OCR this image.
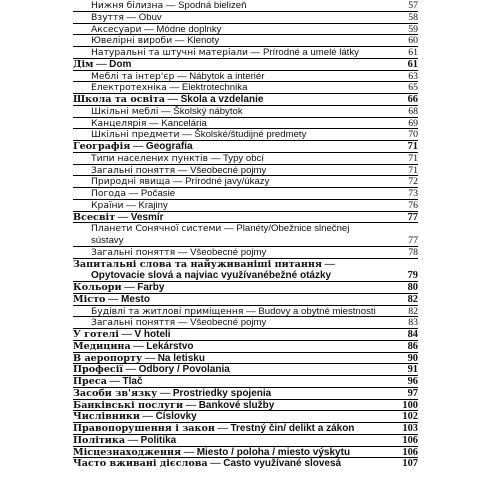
Нижня білизна — Spodná bielizeň	57
Взуття — Obuv	58
Аксесуари — Módne doplnky	59
Ювелірні вироби — Klenoty	60
Натуральні та штучні матеріали — Prírodné a umelé látky	61
Дім — Dom	61
Меблі та інтер'єр — Nábytok a interiér	63
Електротехніка — Elektrotechnika	65
Школа та освіта — Škola a vzdelanie	66
Шкільні меблі — Školský nábytok	68
Канцелярія — Kancelária	69
Шкільні предмети — Školské/študijné predmety	70
Географія — Geografia	71
Типи населених пунктів — Typy obcí	71
Загальні поняття — Všeobecné pojmy	71
Природні явища — Prírodné javy/úkazy	72
Погода — Počasie	73
Країни — Krajiny	76
Всесвіт — Vesmír	77
Планети Сонячної системи — Planéty/Obežnice slnečnej
sústavy	77
Загальні поняття — Všeobecné pojmy	78
Запитальні слова та найуживаніші питання —
Opytovacie slová a najviac využívanébežné otázky	79
Кольори — Farby	80
Місто — Mesto	82
Будівлі та житлові приміщення — Budovy a obytné miestnosti	82
Загальні поняття — Všeobecné pojmy	83
У готелі — V hoteli	84
Медицина — Lekárstvo	86
В аеропорту — Na letisku	90
Професії — Odbory / Povolania	91
Преса — Tlač	96
Засоби зв'язку — Prostriedky spojenia	97
Банківські послуги — Bankové služby	100
Числівники — Číslovky	102
Правопорушення і закон — Trestný čin/ delikt a zákon	103
Політика — Politika	106
Місцезнаходження — Miesto / poloha / miesto výskytu	106
Часто вживані дієслова — Často využívané slovesá	107
